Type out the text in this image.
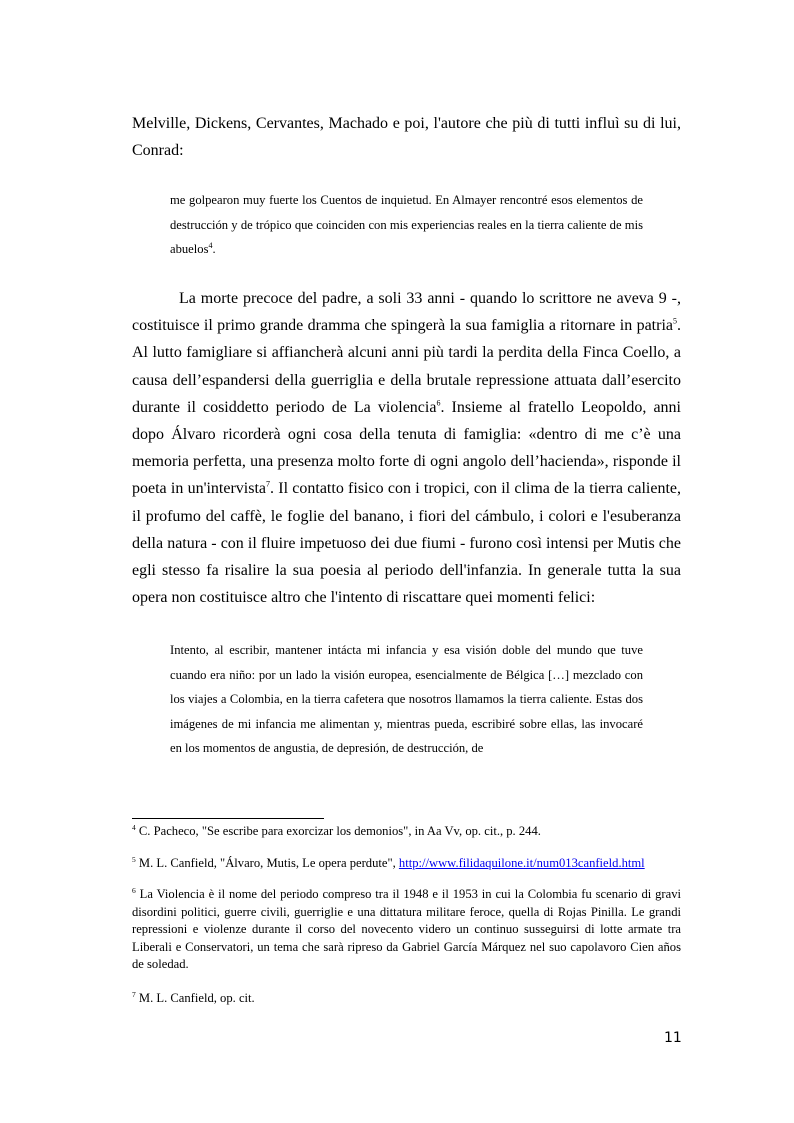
Melville, Dickens, Cervantes, Machado e poi, l'autore che più di tutti influì su di lui, Conrad:

me golpearon muy fuerte los Cuentos de inquietud. En Almayer rencontré esos elementos de destrucción y de trópico que coinciden con mis experiencias reales en la tierra caliente de mis abuelos$^4$.

La morte precoce del padre, a soli 33 anni - quando lo scrittore ne aveva 9 -, costituisce il primo grande dramma che spingerà la sua famiglia a ritornare in patria$^5$. Al lutto famigliare si affiancherà alcuni anni più tardi la perdita della Finca Coello, a causa dell’espandersi della guerriglia e della brutale repressione attuata dall’esercito durante il cosiddetto periodo de La violencia$^6$. Insieme al fratello Leopoldo, anni dopo Álvaro ricorderà ogni cosa della tenuta di famiglia: «dentro di me c’è una memoria perfetta, una presenza molto forte di ogni angolo dell’hacienda», risponde il poeta in un'intervista$^7$. Il contatto fisico con i tropici, con il clima de la tierra caliente, il profumo del caffè, le foglie del banano, i fiori del cámbulo, i colori e l'esuberanza della natura - con il fluire impetuoso dei due fiumi - furono così intensi per Mutis che egli stesso fa risalire la sua poesia al periodo dell'infanzia. In generale tutta la sua opera non costituisce altro che l'intento di riscattare quei momenti felici:

Intento, al escribir, mantener intácta mi infancia y esa visión doble del mundo que tuve cuando era niño: por un lado la visión europea, esencialmente de Bélgica […] mezclado con los viajes a Colombia, en la tierra cafetera que nosotros llamamos la tierra caliente. Estas dos imágenes de mi infancia me alimentan y, mientras pueda, escribiré sobre ellas, las invocaré en los momentos de angustia, de depresión, de destrucción, de

$^4$ C. Pacheco, "Se escribe para exorcizar los demonios", in Aa Vv, op. cit., p. 244.

$^5$ M. L. Canfield, "Álvaro, Mutis, Le opera perdute", http://www.filidaquilone.it/num013canfield.html

$^6$ La Violencia è il nome del periodo compreso tra il 1948 e il 1953 in cui la Colombia fu scenario di gravi disordini politici, guerre civili, guerriglie e una dittatura militare feroce, quella di Rojas Pinilla. Le grandi repressioni e violenze durante il corso del novecento videro un continuo susseguirsi di lotte armate tra Liberali e Conservatori, un tema che sarà ripreso da Gabriel García Márquez nel suo capolavoro Cien años de soledad.

$^7$ M. L. Canfield, op. cit.

11
